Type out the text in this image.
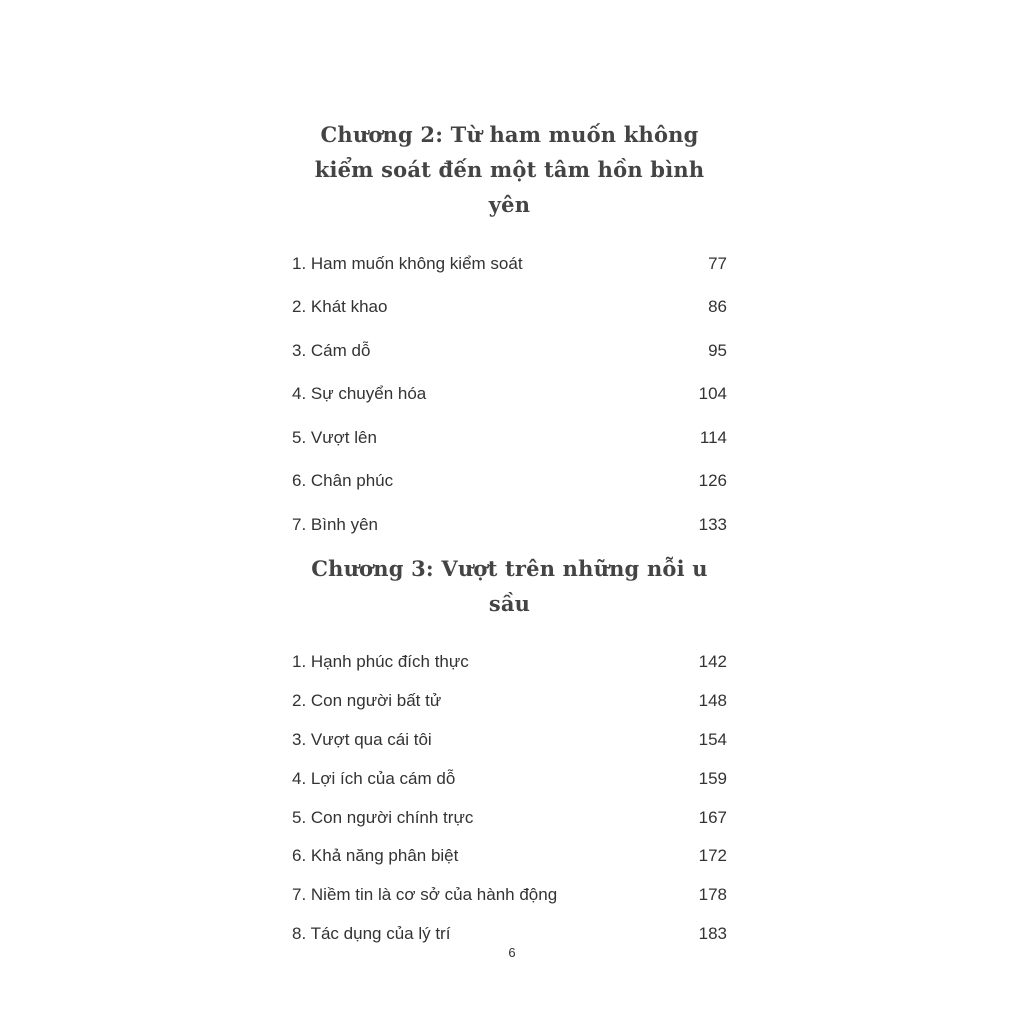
Chương 2: Từ ham muốn không
kiểm soát đến một tâm hồn bình yên
1. Ham muốn không kiểm soát	77
2. Khát khao	86
3. Cám dỗ	95
4. Sự chuyển hóa	104
5. Vượt lên	114
6. Chân phúc	126
7. Bình yên	133
Chương 3: Vượt trên những nỗi u sầu
1. Hạnh phúc đích thực	142
2. Con người bất tử	148
3. Vượt qua cái tôi	154
4. Lợi ích của cám dỗ	159
5. Con người chính trực	167
6. Khả năng phân biệt	172
7. Niềm tin là cơ sở của hành động	178
8. Tác dụng của lý trí	183
6
